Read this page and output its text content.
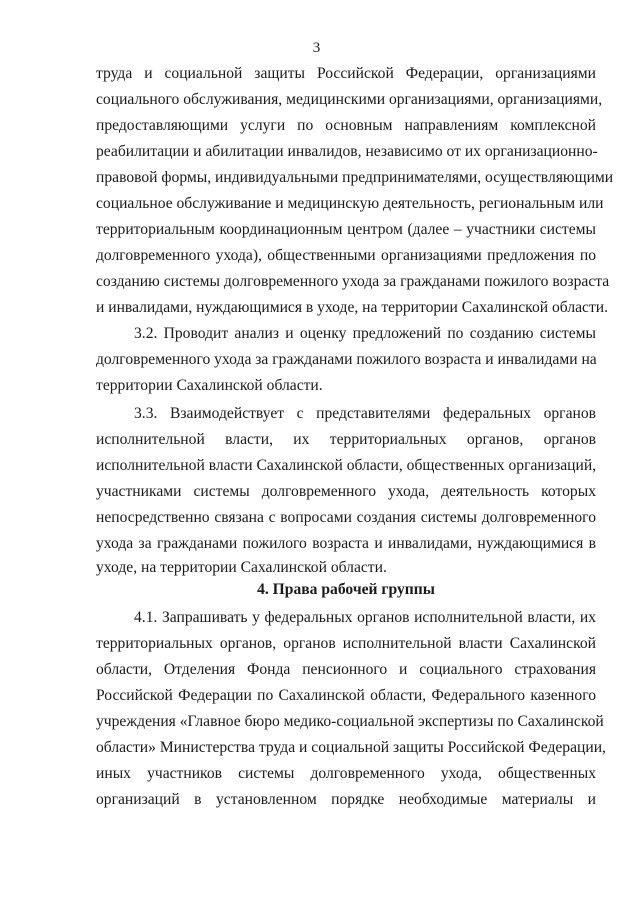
3
труда и социальной защиты Российской Федерации, организациями
социального обслуживания, медицинскими организациями, организациями,
предоставляющими услуги по основным направлениям комплексной
реабилитации и абилитации инвалидов, независимо от их организационно-
правовой формы, индивидуальными предпринимателями, осуществляющими
социальное обслуживание и медицинскую деятельность, региональным или
территориальным координационным центром (далее – участники системы
долговременного ухода), общественными организациями предложения по
созданию системы долговременного ухода за гражданами пожилого возраста
и инвалидами, нуждающимися в уходе, на территории Сахалинской области.
3.2. Проводит анализ и оценку предложений по созданию системы
долговременного ухода за гражданами пожилого возраста и инвалидами на
территории Сахалинской области.
3.3. Взаимодействует с представителями федеральных органов
исполнительной власти, их территориальных органов, органов
исполнительной власти Сахалинской области, общественных организаций,
участниками системы долговременного ухода, деятельность которых
непосредственно связана с вопросами создания системы долговременного
ухода за гражданами пожилого возраста и инвалидами, нуждающимися в
уходе, на территории Сахалинской области.
4. Права рабочей группы
4.1. Запрашивать у федеральных органов исполнительной власти, их
территориальных органов, органов исполнительной власти Сахалинской
области, Отделения Фонда пенсионного и социального страхования
Российской Федерации по Сахалинской области, Федерального казенного
учреждения «Главное бюро медико-социальной экспертизы по Сахалинской
области» Министерства труда и социальной защиты Российской Федерации,
иных участников системы долговременного ухода, общественных
организаций в установленном порядке необходимые материалы и
